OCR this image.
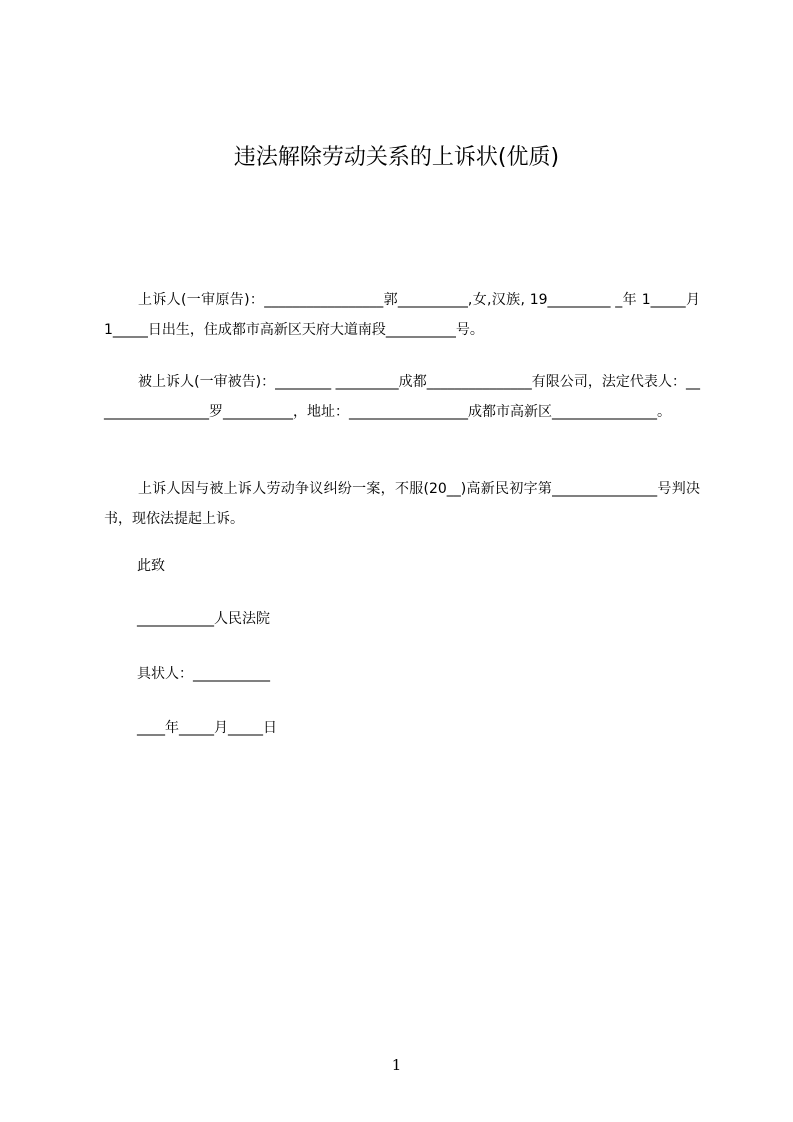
违法解除劳动关系的上诉状(优质)
上诉人(一审原告)：_________________郭__________,女,汉族, 19_________ _年 1_____月 1_____日出生，住成都市高新区天府大道南段__________号。
被上诉人(一审被告)：________ _________成都_______________有限公司，法定代表人：_________________罗__________，地址：_________________成都市高新区_______________。
上诉人因与被上诉人劳动争议纠纷一案，不服(20__)高新民初字第_______________号判决书，现依法提起上诉。
此致
___________人民法院
具状人：___________
____年_____月_____日
1
